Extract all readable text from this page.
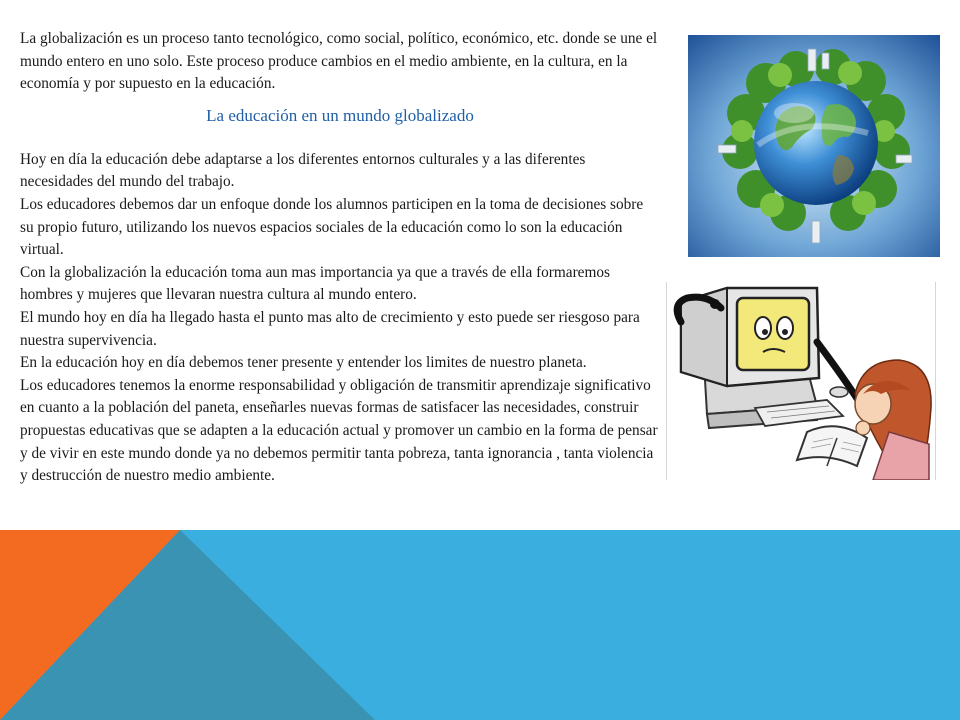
La globalización es un proceso tanto tecnológico, como social, político, económico, etc. donde se une el mundo entero en uno solo. Este proceso produce cambios en el medio ambiente, en la cultura, en la economía y por supuesto en la educación.

La educación en un mundo globalizado

Hoy en día la educación debe adaptarse a los diferentes entornos culturales y a las diferentes necesidades del mundo del trabajo.

Los educadores debemos dar un enfoque donde los alumnos participen en la toma de decisiones sobre su propio futuro, utilizando los nuevos espacios sociales de la educación como lo son la educación virtual.

Con la globalización la educación toma aun mas importancia ya que a través de ella formaremos hombres y mujeres que llevaran nuestra cultura al mundo entero.

El mundo hoy en día ha llegado hasta el punto mas alto de crecimiento y esto puede ser riesgoso para nuestra supervivencia.

En la educación hoy en día debemos tener presente y entender los limites de nuestro planeta.

Los educadores tenemos la enorme responsabilidad y obligación de transmitir aprendizaje significativo en cuanto a la población del paneta, enseñarles nuevas formas de satisfacer las necesidades, construir propuestas educativas que se adapten a la educación actual y promover un cambio en la forma de pensar y de vivir en este mundo donde ya no debemos permitir tanta pobreza, tanta ignorancia , tanta violencia y destrucción de nuestro medio ambiente.
